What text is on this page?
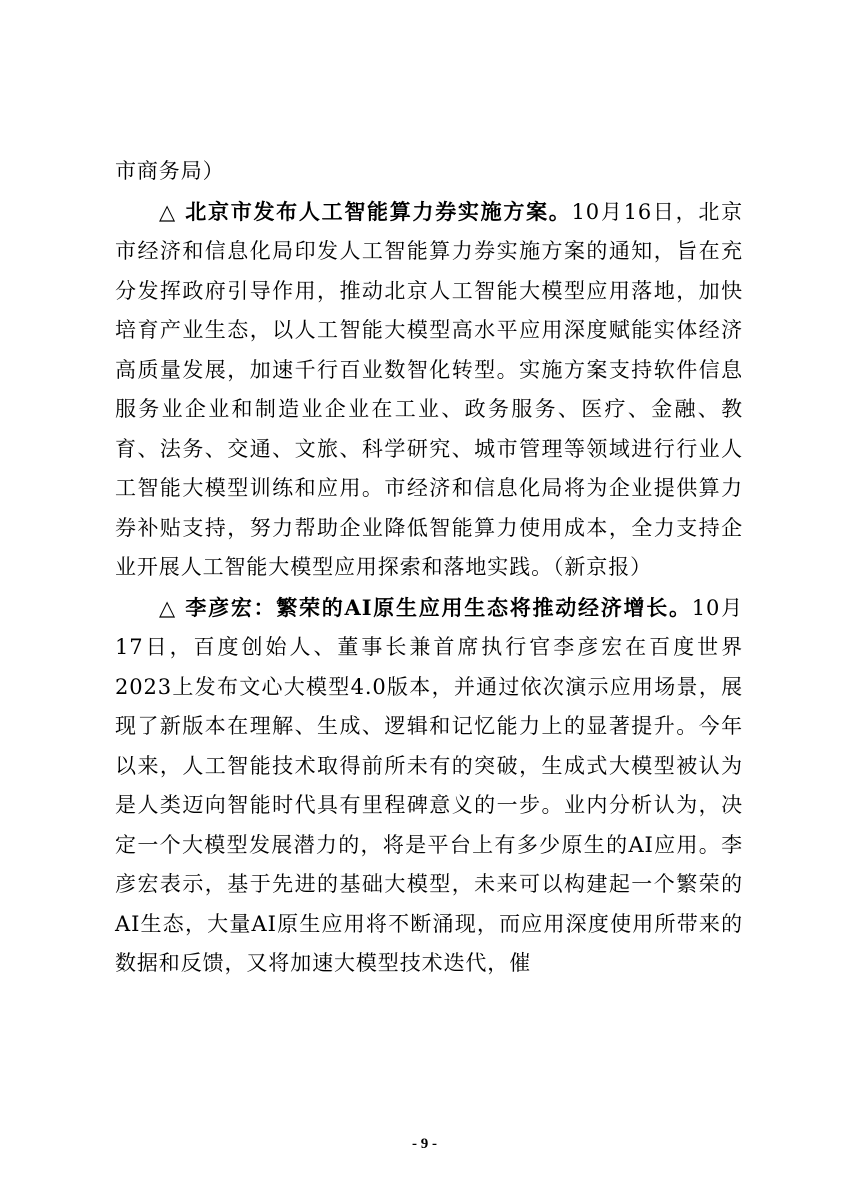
市商务局）

△ 北京市发布人工智能算力券实施方案。10月16日，北京市经济和信息化局印发人工智能算力券实施方案的通知，旨在充分发挥政府引导作用，推动北京人工智能大模型应用落地，加快培育产业生态，以人工智能大模型高水平应用深度赋能实体经济高质量发展，加速千行百业数智化转型。实施方案支持软件信息服务业企业和制造业企业在工业、政务服务、医疗、金融、教育、法务、交通、文旅、科学研究、城市管理等领域进行行业人工智能大模型训练和应用。市经济和信息化局将为企业提供算力券补贴支持，努力帮助企业降低智能算力使用成本，全力支持企业开展人工智能大模型应用探索和落地实践。（新京报）

△ 李彦宏：繁荣的AI原生应用生态将推动经济增长。10月17日，百度创始人、董事长兼首席执行官李彦宏在百度世界2023上发布文心大模型4.0版本，并通过依次演示应用场景，展现了新版本在理解、生成、逻辑和记忆能力上的显著提升。今年以来，人工智能技术取得前所未有的突破，生成式大模型被认为是人类迈向智能时代具有里程碑意义的一步。业内分析认为，决定一个大模型发展潜力的，将是平台上有多少原生的AI应用。李彦宏表示，基于先进的基础大模型，未来可以构建起一个繁荣的AI生态，大量AI原生应用将不断涌现，而应用深度使用所带来的数据和反馈，又将加速大模型技术迭代，催

- 9 -
